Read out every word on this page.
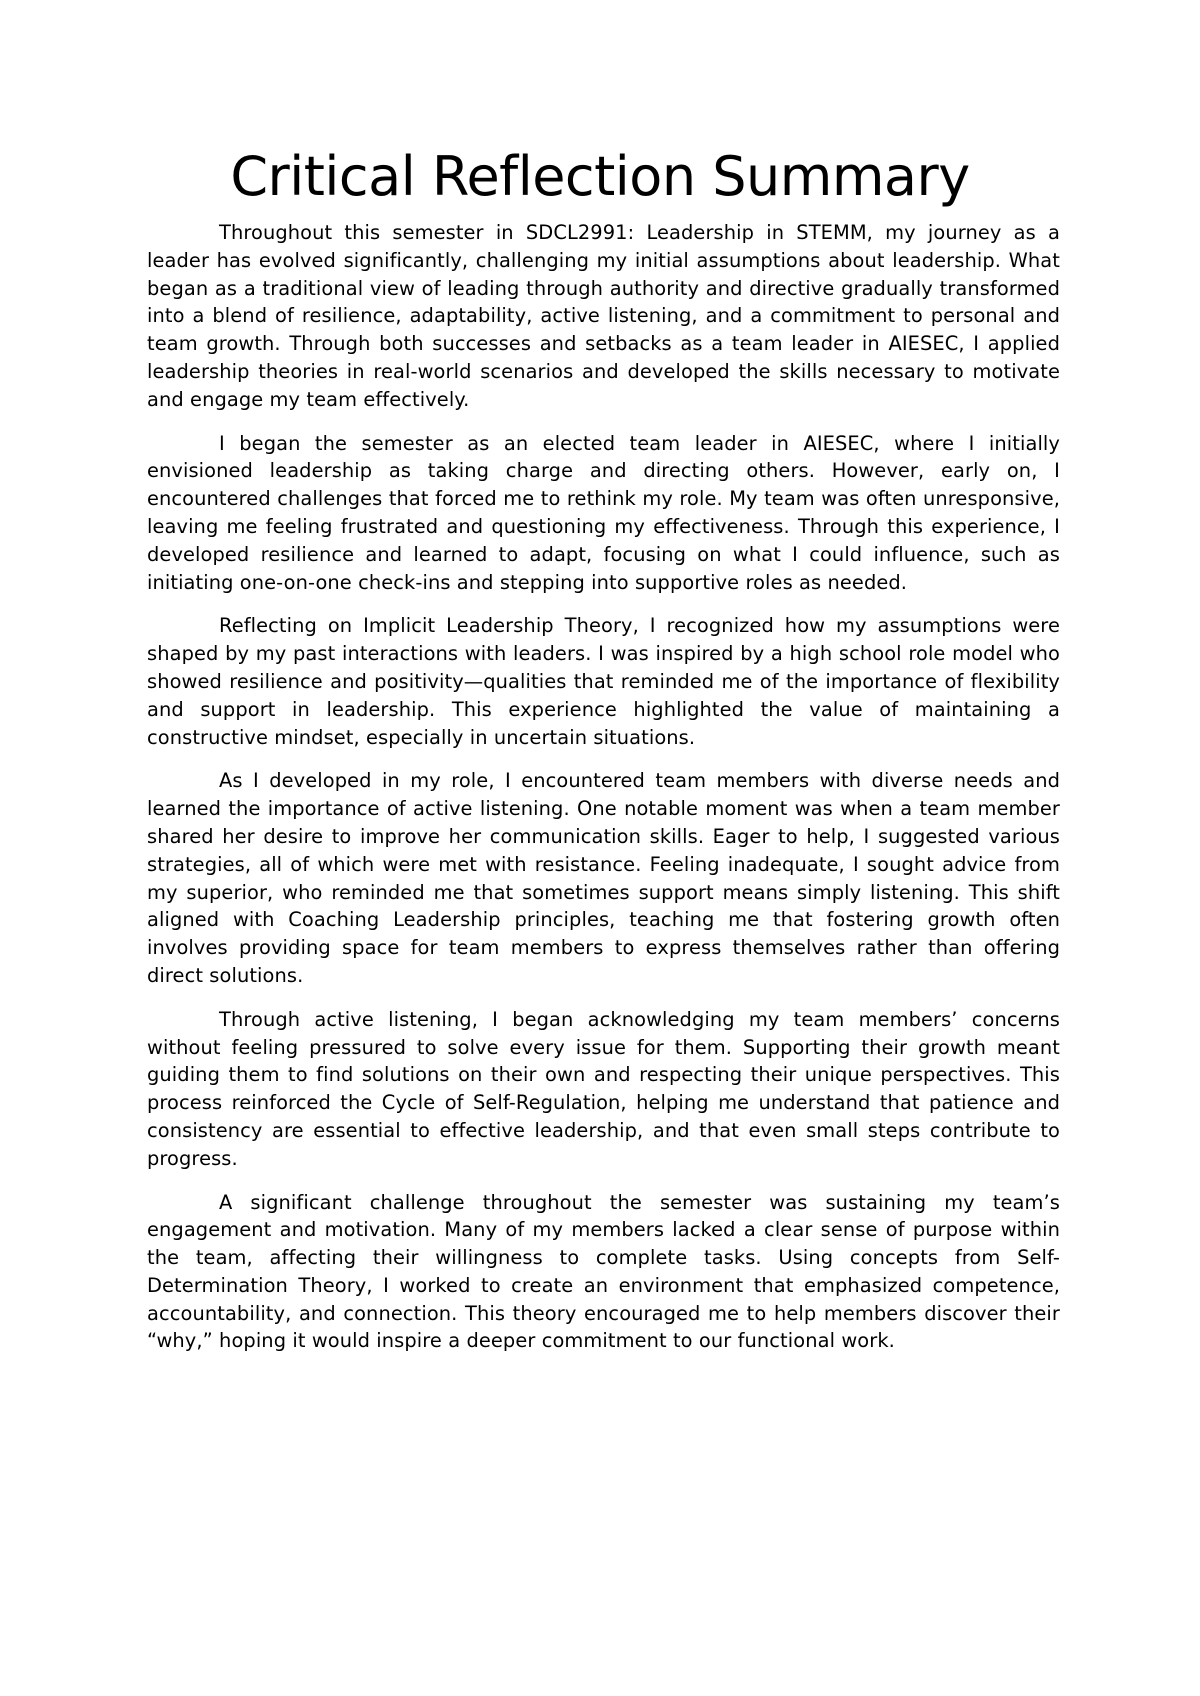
Critical Reflection Summary

Throughout this semester in SDCL2991: Leadership in STEMM, my journey as a leader has evolved significantly, challenging my initial assumptions about leadership. What began as a traditional view of leading through authority and directive gradually transformed into a blend of resilience, adaptability, active listening, and a commitment to personal and team growth. Through both successes and setbacks as a team leader in AIESEC, I applied leadership theories in real-world scenarios and developed the skills necessary to motivate and engage my team effectively.

I began the semester as an elected team leader in AIESEC, where I initially envisioned leadership as taking charge and directing others. However, early on, I encountered challenges that forced me to rethink my role. My team was often unresponsive, leaving me feeling frustrated and questioning my effectiveness. Through this experience, I developed resilience and learned to adapt, focusing on what I could influence, such as initiating one-on-one check-ins and stepping into supportive roles as needed.

Reflecting on Implicit Leadership Theory, I recognized how my assumptions were shaped by my past interactions with leaders. I was inspired by a high school role model who showed resilience and positivity—qualities that reminded me of the importance of flexibility and support in leadership. This experience highlighted the value of maintaining a constructive mindset, especially in uncertain situations.

As I developed in my role, I encountered team members with diverse needs and learned the importance of active listening. One notable moment was when a team member shared her desire to improve her communication skills. Eager to help, I suggested various strategies, all of which were met with resistance. Feeling inadequate, I sought advice from my superior, who reminded me that sometimes support means simply listening. This shift aligned with Coaching Leadership principles, teaching me that fostering growth often involves providing space for team members to express themselves rather than offering direct solutions.

Through active listening, I began acknowledging my team members’ concerns without feeling pressured to solve every issue for them. Supporting their growth meant guiding them to find solutions on their own and respecting their unique perspectives. This process reinforced the Cycle of Self-Regulation, helping me understand that patience and consistency are essential to effective leadership, and that even small steps contribute to progress.

A significant challenge throughout the semester was sustaining my team’s engagement and motivation. Many of my members lacked a clear sense of purpose within the team, affecting their willingness to complete tasks. Using concepts from Self-Determination Theory, I worked to create an environment that emphasized competence, accountability, and connection. This theory encouraged me to help members discover their “why,” hoping it would inspire a deeper commitment to our functional work.
